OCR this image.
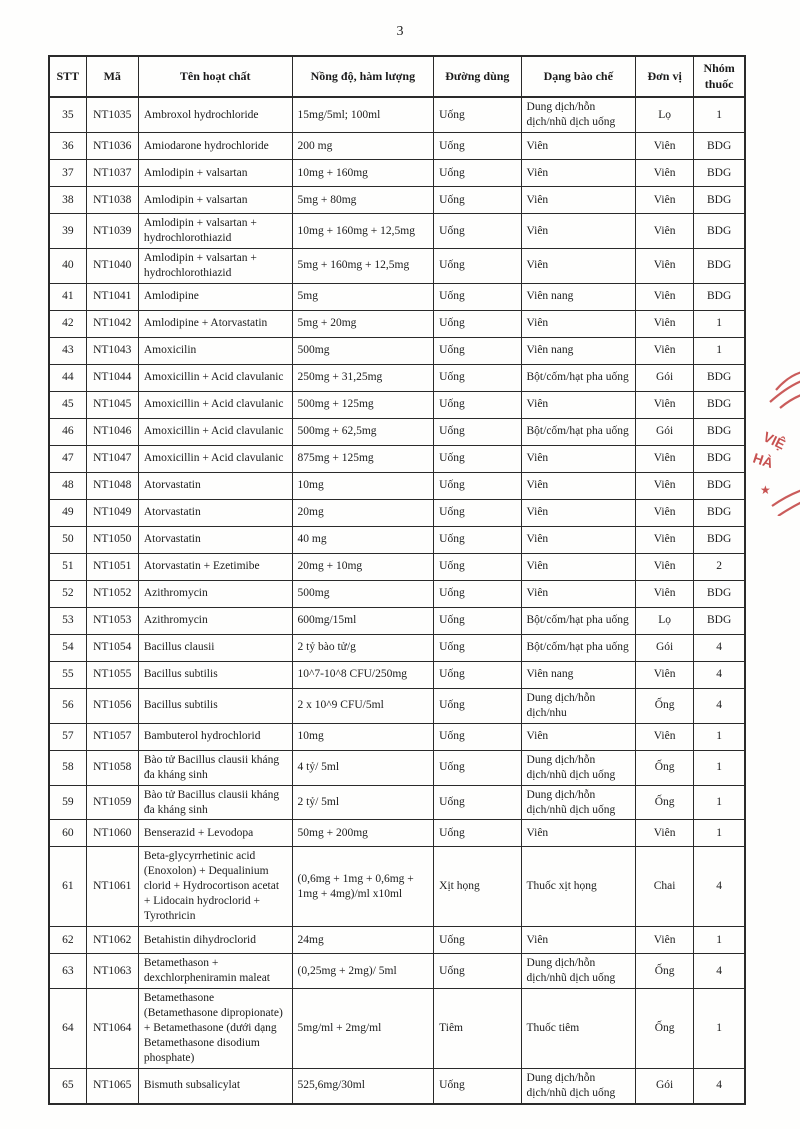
3
STT	Mã	Tên hoạt chất	Nồng độ, hàm lượng	Đường dùng	Dạng bào chế	Đơn vị	Nhóm thuốc
35	NT1035	Ambroxol hydrochloride	15mg/5ml; 100ml	Uống	Dung dịch/hỗn dịch/nhũ dịch uống	Lọ	1
36	NT1036	Amiodarone hydrochloride	200 mg	Uống	Viên	Viên	BDG
37	NT1037	Amlodipin + valsartan	10mg + 160mg	Uống	Viên	Viên	BDG
38	NT1038	Amlodipin + valsartan	5mg + 80mg	Uống	Viên	Viên	BDG
39	NT1039	Amlodipin + valsartan + hydrochlorothiazid	10mg + 160mg + 12,5mg	Uống	Viên	Viên	BDG
40	NT1040	Amlodipin + valsartan + hydrochlorothiazid	5mg + 160mg + 12,5mg	Uống	Viên	Viên	BDG
41	NT1041	Amlodipine	5mg	Uống	Viên nang	Viên	BDG
42	NT1042	Amlodipine + Atorvastatin	5mg + 20mg	Uống	Viên	Viên	1
43	NT1043	Amoxicilin	500mg	Uống	Viên nang	Viên	1
44	NT1044	Amoxicillin + Acid clavulanic	250mg + 31,25mg	Uống	Bột/cốm/hạt pha uống	Gói	BDG
45	NT1045	Amoxicillin + Acid clavulanic	500mg + 125mg	Uống	Viên	Viên	BDG
46	NT1046	Amoxicillin + Acid clavulanic	500mg + 62,5mg	Uống	Bột/cốm/hạt pha uống	Gói	BDG
47	NT1047	Amoxicillin + Acid clavulanic	875mg + 125mg	Uống	Viên	Viên	BDG
48	NT1048	Atorvastatin	10mg	Uống	Viên	Viên	BDG
49	NT1049	Atorvastatin	20mg	Uống	Viên	Viên	BDG
50	NT1050	Atorvastatin	40 mg	Uống	Viên	Viên	BDG
51	NT1051	Atorvastatin + Ezetimibe	20mg + 10mg	Uống	Viên	Viên	2
52	NT1052	Azithromycin	500mg	Uống	Viên	Viên	BDG
53	NT1053	Azithromycin	600mg/15ml	Uống	Bột/cốm/hạt pha uống	Lọ	BDG
54	NT1054	Bacillus clausii	2 tỷ bào tử/g	Uống	Bột/cốm/hạt pha uống	Gói	4
55	NT1055	Bacillus subtilis	10^7-10^8 CFU/250mg	Uống	Viên nang	Viên	4
56	NT1056	Bacillus subtilis	2 x 10^9 CFU/5ml	Uống	Dung dịch/hỗn dịch/nhu	Ống	4
57	NT1057	Bambuterol hydrochlorid	10mg	Uống	Viên	Viên	1
58	NT1058	Bào tử Bacillus clausii kháng đa kháng sinh	4 tỷ/ 5ml	Uống	Dung dịch/hỗn dịch/nhũ dịch uống	Ống	1
59	NT1059	Bào tử Bacillus clausii kháng đa kháng sinh	2 tỷ/ 5ml	Uống	Dung dịch/hỗn dịch/nhũ dịch uống	Ống	1
60	NT1060	Benserazid + Levodopa	50mg + 200mg	Uống	Viên	Viên	1
61	NT1061	Beta-glycyrrhetinic acid (Enoxolon) + Dequalinium clorid + Hydrocortison acetat + Lidocain hydroclorid + Tyrothricin	(0,6mg + 1mg + 0,6mg + 1mg + 4mg)/ml x10ml	Xịt họng	Thuốc xịt họng	Chai	4
62	NT1062	Betahistin dihydroclorid	24mg	Uống	Viên	Viên	1
63	NT1063	Betamethason + dexchlorpheniramin maleat	(0,25mg + 2mg)/ 5ml	Uống	Dung dịch/hỗn dịch/nhũ dịch uống	Ống	4
64	NT1064	Betamethasone (Betamethasone dipropionate) + Betamethasone (dưới dạng Betamethasone disodium phosphate)	5mg/ml + 2mg/ml	Tiêm	Thuốc tiêm	Ống	1
65	NT1065	Bismuth subsalicylat	525,6mg/30ml	Uống	Dung dịch/hỗn dịch/nhũ dịch uống	Gói	4
VIỆ
HÀ
★
